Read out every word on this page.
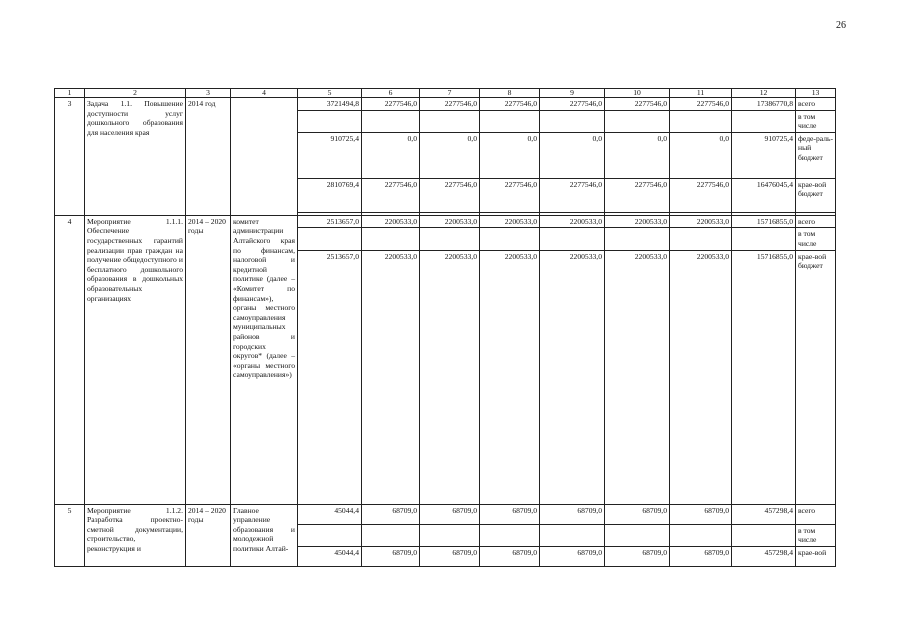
26
1	2	3	4	5	6	7	8	9	10	11	12	13
3	Задача 1.1. Повышение доступности услуг дошкольного образования для населения края	2014 год		3721494,8	2277546,0	2277546,0	2277546,0	2277546,0	2277546,0	2277546,0	17386770,8	всего
												в том числе
				910725,4	0,0	0,0	0,0	0,0	0,0	0,0	910725,4	феде-раль-ный бюджет
				2810769,4	2277546,0	2277546,0	2277546,0	2277546,0	2277546,0	2277546,0	16476045,4	крае-вой бюджет

4	Мероприятие 1.1.1. Обеспечение государственных гарантий реализации прав граждан на получение общедоступного и бесплатного дошкольного образования в дошкольных образовательных организациях	2014 – 2020 годы	комитет администрации Алтайского края по финансам, налоговой и кредитной политике (далее – «Комитет по финансам»), органы местного самоуправления муниципальных районов и городских округов* (далее – «органы местного самоуправления»)	2513657,0	2200533,0	2200533,0	2200533,0	2200533,0	2200533,0	2200533,0	15716855,0	всего
												в том числе
				2513657,0	2200533,0	2200533,0	2200533,0	2200533,0	2200533,0	2200533,0	15716855,0	крае-вой бюджет
5	Мероприятие 1.1.2. Разработка проектно-сметной документации, строительство, реконструкция и	2014 – 2020 годы	Главное управление образования и молодежной политики Алтай-	45044,4	68709,0	68709,0	68709,0	68709,0	68709,0	68709,0	457298,4	всего
												в том числе
				45044,4	68709,0	68709,0	68709,0	68709,0	68709,0	68709,0	457298,4	крае-вой
